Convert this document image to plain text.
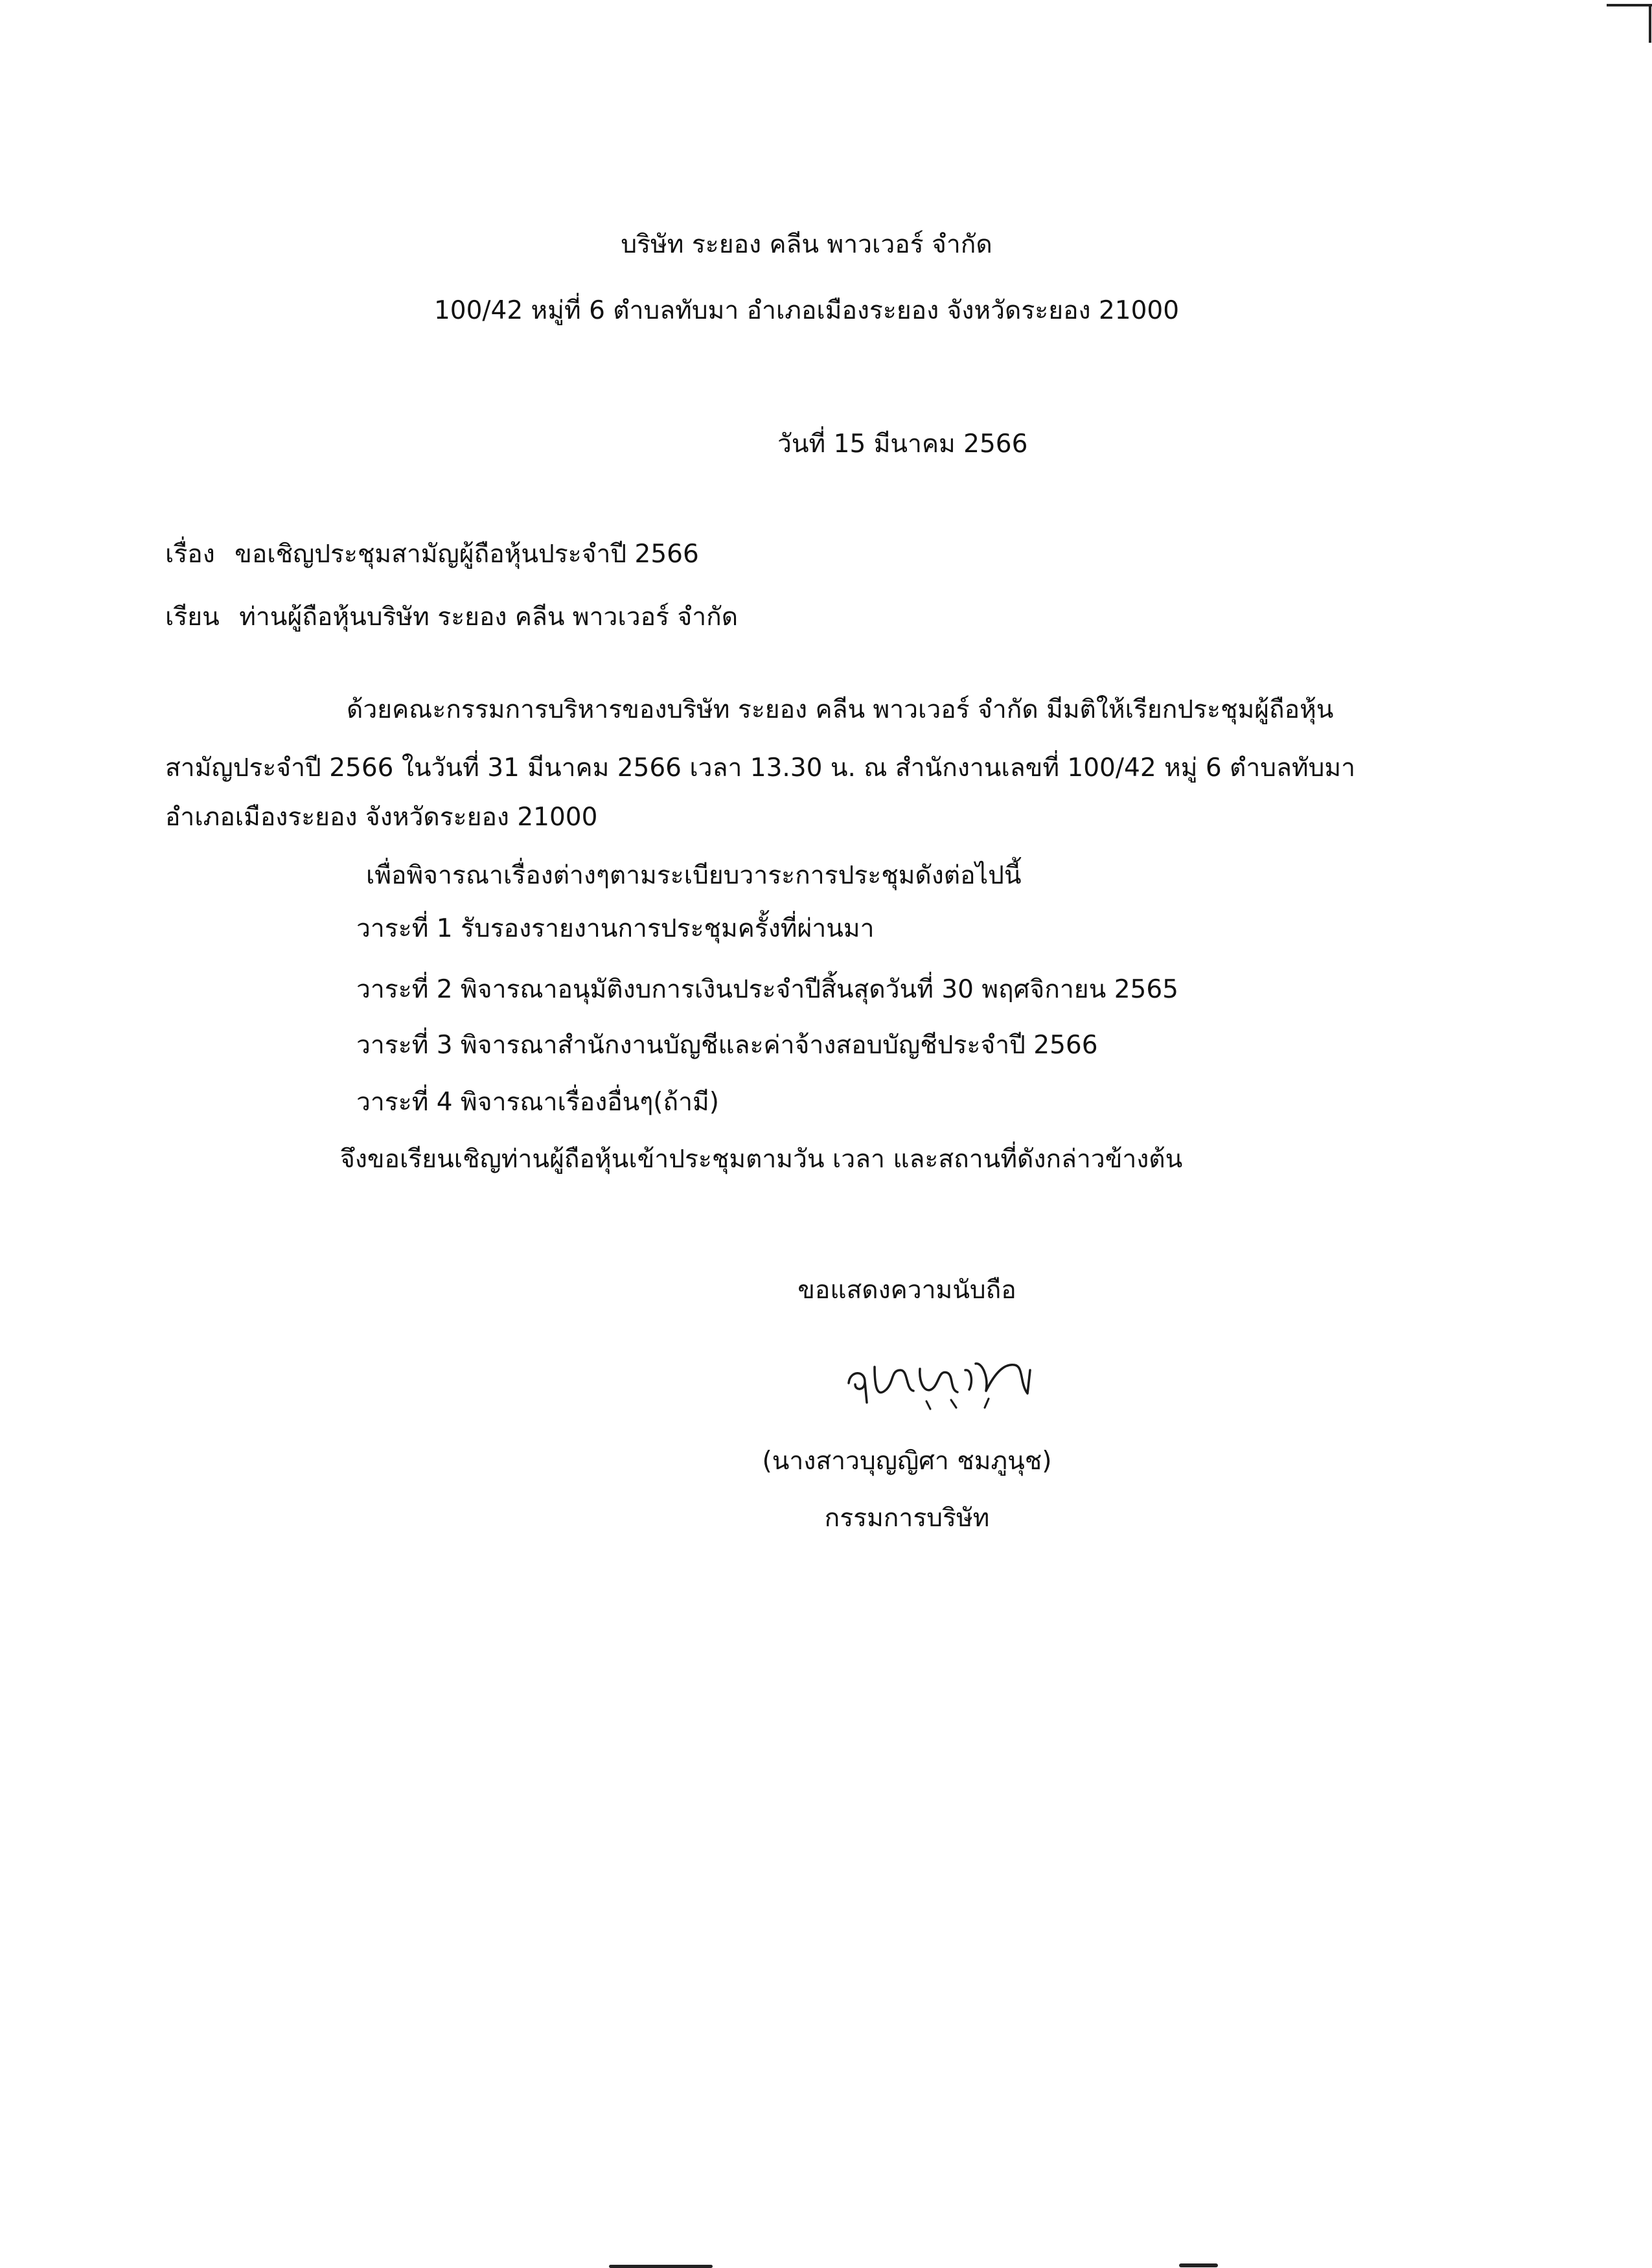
บริษัท ระยอง คลีน พาวเวอร์ จำกัด
100/42 หมู่ที่ 6 ตำบลทับมา อำเภอเมืองระยอง จังหวัดระยอง 21000
วันที่ 15 มีนาคม 2566
เรื่อง ขอเชิญประชุมสามัญผู้ถือหุ้นประจำปี 2566
เรียน ท่านผู้ถือหุ้นบริษัท ระยอง คลีน พาวเวอร์ จำกัด
ด้วยคณะกรรมการบริหารของบริษัท ระยอง คลีน พาวเวอร์ จำกัด มีมติให้เรียกประชุมผู้ถือหุ้น
สามัญประจำปี 2566 ในวันที่ 31 มีนาคม 2566 เวลา 13.30 น. ณ สำนักงานเลขที่ 100/42 หมู่ 6 ตำบลทับมา
อำเภอเมืองระยอง จังหวัดระยอง 21000
เพื่อพิจารณาเรื่องต่างๆตามระเบียบวาระการประชุมดังต่อไปนี้
วาระที่ 1 รับรองรายงานการประชุมครั้งที่ผ่านมา
วาระที่ 2 พิจารณาอนุมัติงบการเงินประจำปีสิ้นสุดวันที่ 30 พฤศจิกายน 2565
วาระที่ 3 พิจารณาสำนักงานบัญชีและค่าจ้างสอบบัญชีประจำปี 2566
วาระที่ 4 พิจารณาเรื่องอื่นๆ(ถ้ามี)
จึงขอเรียนเชิญท่านผู้ถือหุ้นเข้าประชุมตามวัน เวลา และสถานที่ดังกล่าวข้างต้น
ขอแสดงความนับถือ
(นางสาวบุญญิศา ชมภูนุช)
กรรมการบริษัท
